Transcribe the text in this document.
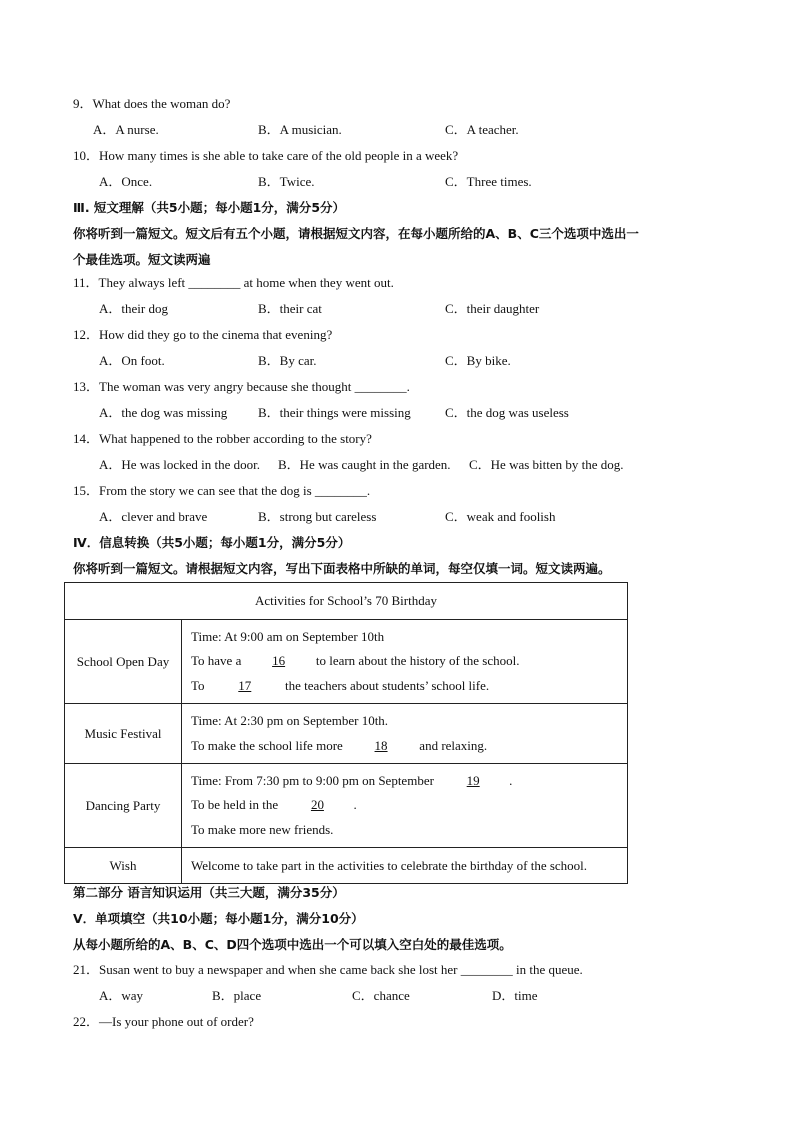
9．What does the woman do?
A．A nurse.	B．A musician.	C．A teacher.
10．How many times is she able to take care of the old people in a week?
A．Once.	B．Twice.	C．Three times.
Ⅲ. 短文理解（共5小题；每小题1分，满分5分）
你将听到一篇短文。短文后有五个小题，请根据短文内容，在每小题所给的A、B、C三个选项中选出一
个最佳选项。短文读两遍
11．They always left ________ at home when they went out.
A．their dog	B．their cat	C．their daughter
12．How did they go to the cinema that evening?
A．On foot.	B．By car.	C．By bike.
13．The woman was very angry because she thought ________.
A．the dog was missing B．their things were missing	C．the dog was useless
14．What happened to the robber according to the story?
A．He was locked in the door. B．He was caught in the garden. C．He was bitten by the dog.
15．From the story we can see that the dog is ________.
A．clever and brave	B．strong but careless	C．weak and foolish
Ⅳ．信息转换（共5小题；每小题1分，满分5分）
你将听到一篇短文。请根据短文内容，写出下面表格中所缺的单词，每空仅填一词。短文读两遍。
Activities for School’s 70 Birthday	
School Open Day	Time: At 9:00 am on September 10th
To have a 16 to learn about the history of the school.
To 17 the teachers about students’ school life.

Music Festival	Time: At 2:30 pm on September 10th.
To make the school life more 18 and relaxing.

Dancing Party	Time: From 7:30 pm to 9:00 pm on September 19 .
To be held in the 20 .
To make more new friends.

Wish	Welcome to take part in the activities to celebrate the birthday of the school.
第二部分 语言知识运用（共三大题，满分35分）
Ⅴ．单项填空（共10小题；每小题1分，满分10分）
从每小题所给的A、B、C、D四个选项中选出一个可以填入空白处的最佳选项。
21．Susan went to buy a newspaper and when she came back she lost her ________ in the queue.
A．way	B．place	C．chance	D．time
22．—Is your phone out of order?
